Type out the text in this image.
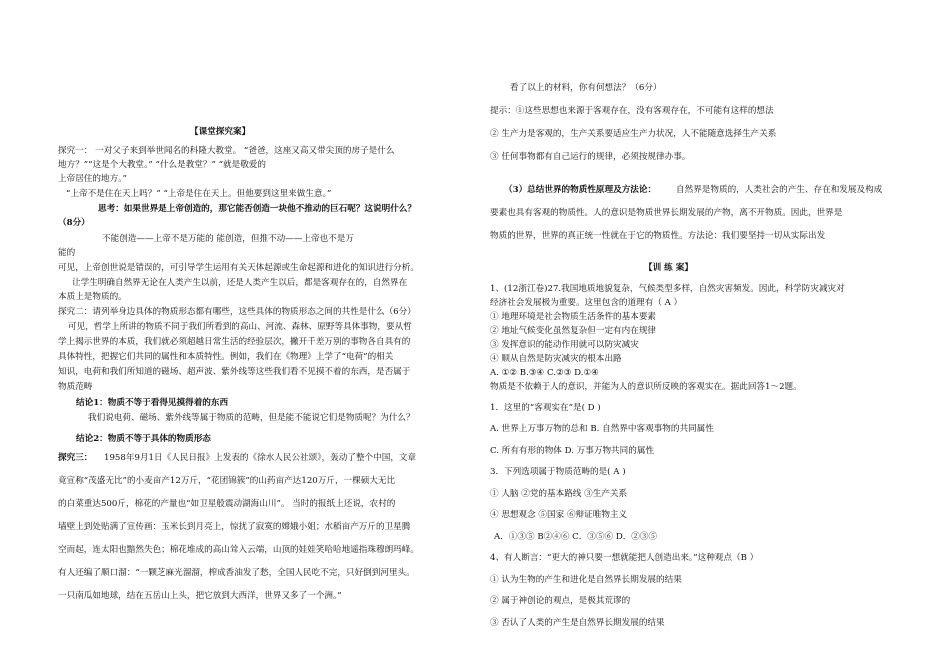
【课堂探究案】
探究一： 一对父子来到举世闻名的科隆大教堂。 “爸爸，这座又高又带尖顶的房子是什么
地方？”“这是个大教堂。” “什么是教堂？” “就是敬爱的
上帝居住的地方。”
“上帝不是住在天上吗？” “上帝是住在天上。但他要到这里来做生意。”
思考：如果世界是上帝创造的，那它能否创造一块他不推动的巨石呢？这说明什么？
（8分）
不能创造——上帝不是万能的 能创造，但推不动——上帝也不是万
能的
可见，上帝创世说是错误的，可引导学生运用有关天体起源或生命起源和进化的知识进行分析。
让学生明确自然界无论在人类产生以前，还是人类产生以后，都是客观存在的，自然界在
本质上是物质的。
探究二：请列举身边具体的物质形态都有哪些，这些具体的物质形态之间的共性是什么（6分）
可见，哲学上所讲的物质不同于我们所看到的高山、河流、森林、原野等具体事物，要从哲
学上揭示世界的本质，我们就必须超越日常生活的经验层次，撇开千差万别的事物各自具有的
具体特性，把握它们共同的属性和本质特性。例如，我们在《物理》上学了“电荷”的相关
知识，电荷和我们所知道的磁场、超声波、紫外线等这些我们看不见摸不着的东西，是否属于
物质范畴
结论1：物质不等于看得见摸得着的东西
我们说电荷、磁场、紫外线等属于物质的范畴，但是能不能说它们是物质呢？为什么？
结论2：物质不等于具体的物质形态
探究三： 1958年9月1日《人民日报》上发表的《徐水人民公社颂》，轰动了整个中国，文章
竟宣称“茂盛无比”的小麦亩产12万斤，“花团锦簇”的山药亩产达120万斤，一棵硕大无比
的白菜重达500斤，棉花的产量也“如卫星般震动湖海山川”。 当时的报纸上还说，农村的
墙壁上到处贴满了宣传画：玉米长到月亮上，惊扰了寂寞的嫦娥小姐；水稻亩产万斤的卫星腾
空而起，连太阳也黯然失色；棉花堆成的高山耸入云端，山顶的娃娃笑哈哈地遥指珠穆朗玛峰。
有人还编了顺口溜：“一颗芝麻光溜溜，榨成香油发了愁，全国人民吃不完，只好倒到河里头。
一只南瓜如地球，结在五岳山上头，把它放到大西洋，世界又多了一个洲。”
看了以上的材料，你有何想法？（6分）
提示：①这些思想也来源于客观存在，没有客观存在，不可能有这样的想法
② 生产力是客观的，生产关系要适应生产力状况，人不能随意选择生产关系
③ 任何事物都有自己运行的规律，必须按规律办事。
（3）总结世界的物质性原理及方法论： 自然界是物质的，人类社会的产生、存在和发展及构成
要素也具有客观的物质性。人的意识是物质世界长期发展的产物，离不开物质。因此，世界是
物质的世界，世界的真正统一性就在于它的物质性。方法论：我们要坚持一切从实际出发
【训 练 案】
1、(12浙江卷)27.我国地质地貌复杂，气候类型多样，自然灾害频发。因此，科学防灾减灾对
经济社会发展极为重要。这里包含的道理有（ A ）
① 地理环境是社会物质生活条件的基本要素
② 地址气候变化虽然复杂但一定有内在规律
③ 发挥意识的能动作用就可以防灾减灾
④ 顺从自然是防灾减灾的根本出路
A. ①② B.③④ C.②③ D.①④
物质是不依赖于人的意识，并能为人的意识所反映的客观实在。据此回答1～2题。
1．这里的“客观实在”是( D )
A. 世界上万事万物的总和 B. 自然界中客观事物的共同属性
C. 所有有形的物体 D. 万事万物共同的属性
3．下列选项属于物质范畴的是( A )
① 人脑 ②党的基本路线 ③生产关系
④ 思想观念 ⑤国家 ⑥辩证唯物主义
A．①③⑤ B②④⑥ C．③⑤⑥ D．②③⑤
4、有人断言：“更大的神只要一想就能把人创造出来。”这种观点（B ）
① 认为生物的产生和进化是自然界长期发展的结果
② 属于神创论的观点，是极其荒谬的
③ 否认了人类的产生是自然界长期发展的结果
